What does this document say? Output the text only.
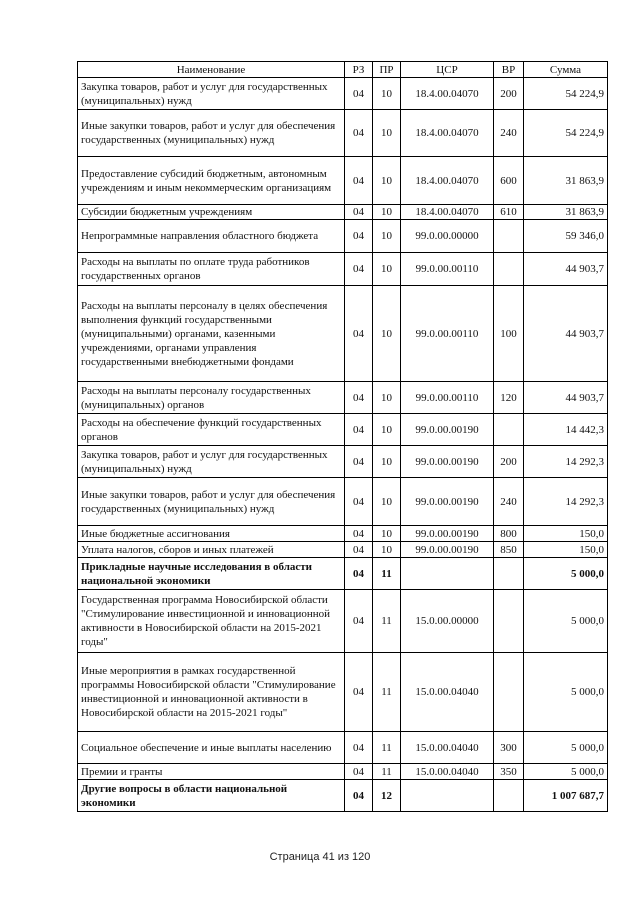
Наименование	РЗ	ПР	ЦСР	ВР	Сумма
Закупка товаров, работ и услуг для государственных (муниципальных) нужд	04	10	18.4.00.04070	200	54 224,9
Иные закупки товаров, работ и услуг для обеспечения государственных (муниципальных) нужд	04	10	18.4.00.04070	240	54 224,9
Предоставление субсидий бюджетным, автономным учреждениям и иным некоммерческим организациям	04	10	18.4.00.04070	600	31 863,9
Субсидии бюджетным учреждениям	04	10	18.4.00.04070	610	31 863,9
Непрограммные направления областного бюджета	04	10	99.0.00.00000		59 346,0
Расходы на выплаты по оплате труда работников государственных органов	04	10	99.0.00.00110		44 903,7
Расходы на выплаты персоналу в целях обеспечения выполнения функций государственными (муниципальными) органами, казенными учреждениями, органами управления государственными внебюджетными фондами	04	10	99.0.00.00110	100	44 903,7
Расходы на выплаты персоналу государственных (муниципальных) органов	04	10	99.0.00.00110	120	44 903,7
Расходы на обеспечение функций государственных органов	04	10	99.0.00.00190		14 442,3
Закупка товаров, работ и услуг для государственных (муниципальных) нужд	04	10	99.0.00.00190	200	14 292,3
Иные закупки товаров, работ и услуг для обеспечения государственных (муниципальных) нужд	04	10	99.0.00.00190	240	14 292,3
Иные бюджетные ассигнования	04	10	99.0.00.00190	800	150,0
Уплата налогов, сборов и иных платежей	04	10	99.0.00.00190	850	150,0
Прикладные научные исследования в области национальной экономики	04	11			5 000,0
Государственная программа Новосибирской области "Стимулирование инвестиционной и инновационной активности в Новосибирской области на 2015-2021 годы"	04	11	15.0.00.00000		5 000,0
Иные мероприятия в рамках государственной программы Новосибирской области "Стимулирование инвестиционной и инновационной активности в Новосибирской области на 2015-2021 годы"	04	11	15.0.00.04040		5 000,0
Социальное обеспечение и иные выплаты населению	04	11	15.0.00.04040	300	5 000,0
Премии и гранты	04	11	15.0.00.04040	350	5 000,0
Другие вопросы в области национальной экономики	04	12			1 007 687,7
Страница 41 из 120
